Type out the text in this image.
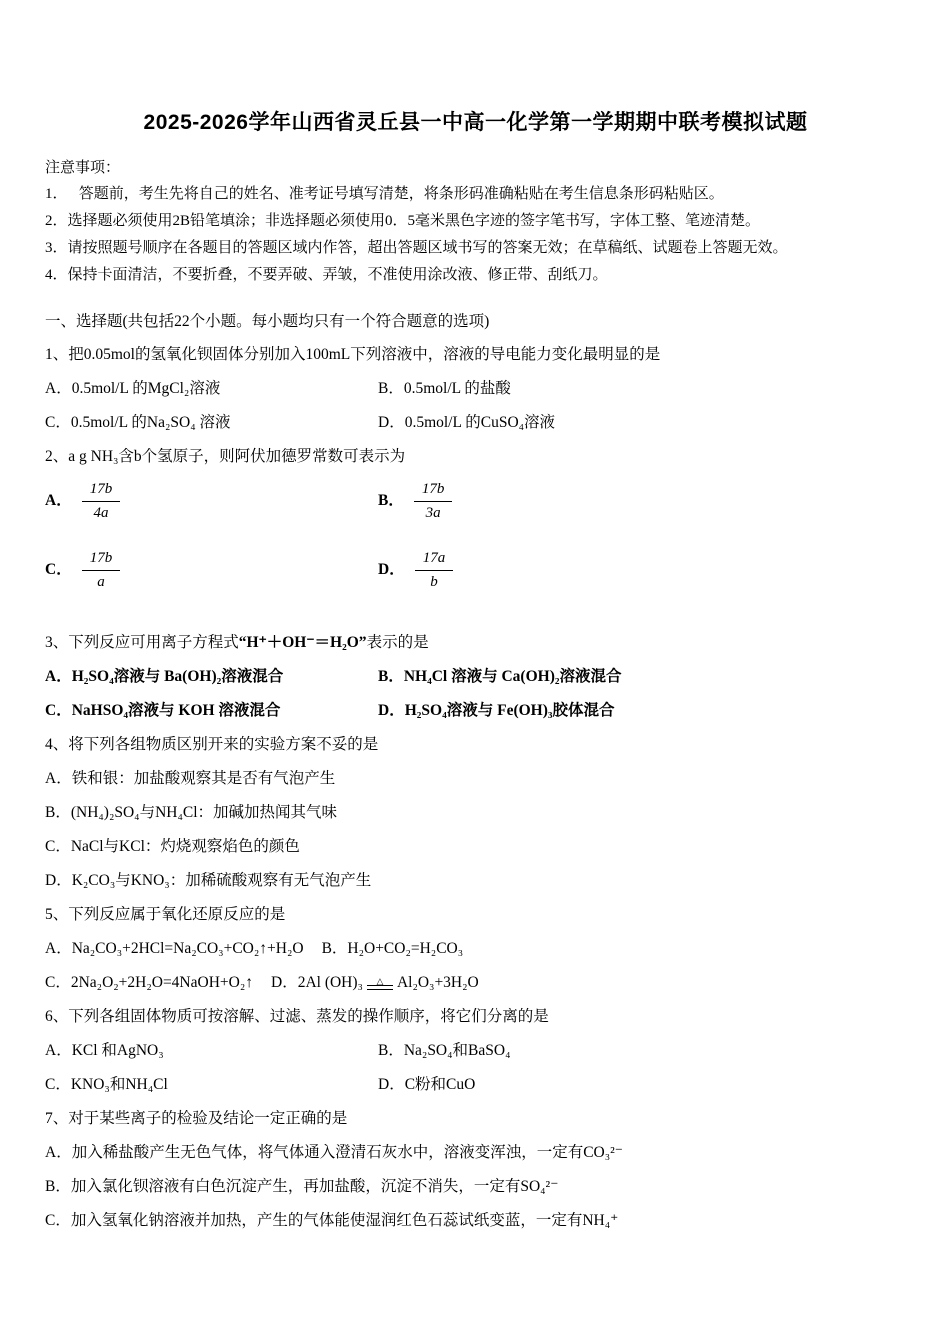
2025-2026学年山西省灵丘县一中高一化学第一学期期中联考模拟试题
注意事项：
1．　 答题前，考生先将自己的姓名、准考证号填写清楚，将条形码准确粘贴在考生信息条形码粘贴区。
2．选择题必须使用2B铅笔填涂；非选择题必须使用0．5毫米黑色字迹的签字笔书写，字体工整、笔迹清楚。
3．请按照题号顺序在各题目的答题区域内作答，超出答题区域书写的答案无效；在草稿纸、试题卷上答题无效。
4．保持卡面清洁，不要折叠，不要弄破、弄皱，不准使用涂改液、修正带、刮纸刀。
一、选择题(共包括22个小题。每小题均只有一个符合题意的选项)
1、把0.05mol的氢氧化钡固体分别加入100mL下列溶液中，溶液的导电能力变化最明显的是
A．0.5mol/L 的MgCl₂溶液	B．0.5mol/L 的盐酸
C．0.5mol/L 的Na₂SO₄ 溶液	D．0.5mol/L 的CuSO₄溶液
2、a g NH₃含b个氢原子，则阿伏加德罗常数可表示为
A． $\frac{17b}{4a}$	B． $\frac{17b}{3a}$
C． $\frac{17b}{a}$	D． $\frac{17a}{b}$
3、下列反应可用离子方程式“H⁺＋OH⁻＝H₂O”表示的是
A．H₂SO₄溶液与 Ba(OH)₂溶液混合	B．NH₄Cl 溶液与 Ca(OH)₂溶液混合
C．NaHSO₄溶液与 KOH 溶液混合	D．H₂SO₄溶液与 Fe(OH)₃胶体混合
4、将下列各组物质区别开来的实验方案不妥的是
A．铁和银：加盐酸观察其是否有气泡产生
B．(NH₄)₂SO₄与NH₄Cl：加碱加热闻其气味
C．NaCl与KCl：灼烧观察焰色的颜色
D．K₂CO₃与KNO₃：加稀硫酸观察有无气泡产生
5、下列反应属于氧化还原反应的是
A．Na₂CO₃+2HCl=Na₂CO₃+CO₂↑+H₂O B．H₂O+CO₂=H₂CO₃
C．2Na₂O₂+2H₂O=4NaOH+O₂↑ D．2Al (OH)₃ △ Al₂O₃+3H₂O
6、下列各组固体物质可按溶解、过滤、蒸发的操作顺序，将它们分离的是
A．KCl 和AgNO₃	B．Na₂SO₄和BaSO₄
C．KNO₃和NH₄Cl	D．C粉和CuO
7、对于某些离子的检验及结论一定正确的是
A．加入稀盐酸产生无色气体，将气体通入澄清石灰水中，溶液变浑浊，一定有CO₃²⁻
B．加入氯化钡溶液有白色沉淀产生，再加盐酸，沉淀不消失，一定有SO₄²⁻
C．加入氢氧化钠溶液并加热，产生的气体能使湿润红色石蕊试纸变蓝，一定有NH₄⁺
